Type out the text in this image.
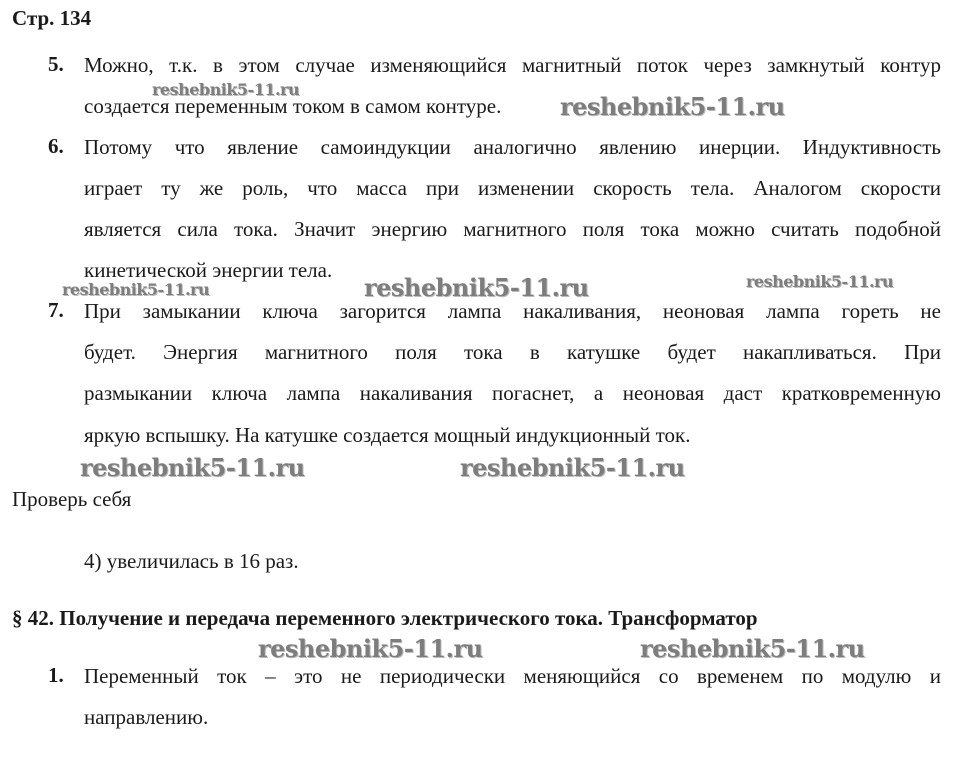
Стр. 134
5. Можно, т.к. в этом случае изменяющийся магнитный поток через замкнутый контур
создается переменным током в самом контуре.
6. Потому что явление самоиндукции аналогично явлению инерции. Индуктивность
играет ту же роль, что масса при изменении скорость тела. Аналогом скорости
является сила тока. Значит энергию магнитного поля тока можно считать подобной
кинетической энергии тела.
7. При замыкании ключа загорится лампа накаливания, неоновая лампа гореть не
будет. Энергия магнитного поля тока в катушке будет накапливаться. При
размыкании ключа лампа накаливания погаснет, а неоновая даст кратковременную
яркую вспышку. На катушке создается мощный индукционный ток.
Проверь себя
4) увеличилась в 16 раз.
§ 42. Получение и передача переменного электрического тока. Трансформатор
1. Переменный ток – это не периодически меняющийся со временем по модулю и
направлению.
reshebnik5-11.ru
reshebnik5-11.ru
reshebnik5-11.ru	reshebnik5-11.ru	reshebnik5-11.ru
reshebnik5-11.ru	reshebnik5-11.ru
reshebnik5-11.ru	reshebnik5-11.ru
